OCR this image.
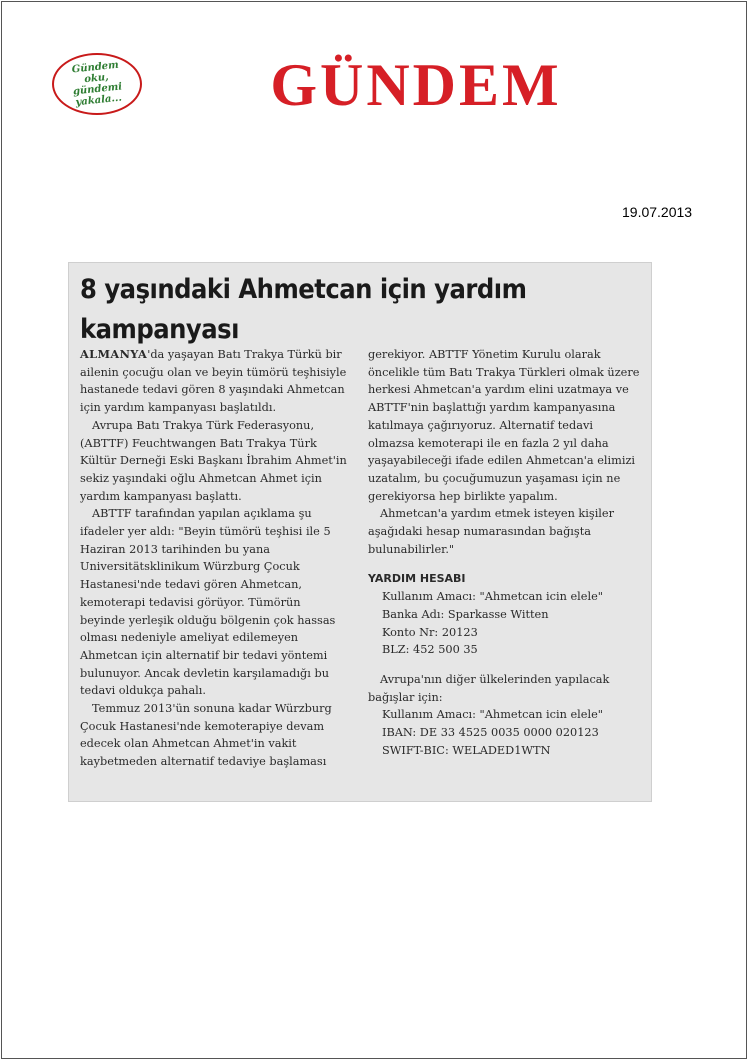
Gündem oku, gündemi yakala...	GÜNDEM
19.07.2013
8 yaşındaki Ahmetcan için yardım kampanyası

ALMANYA'da yaşayan Batı Trakya Türkü bir ailenin çocuğu olan ve beyin tümörü teşhisiyle hastanede tedavi gören 8 yaşındaki Ahmetcan için yardım kampanyası başlatıldı.

Avrupa Batı Trakya Türk Federasyonu, (ABTTF) Feuchtwangen Batı Trakya Türk Kültür Derneği Eski Başkanı İbrahim Ahmet'in sekiz yaşındaki oğlu Ahmetcan Ahmet için yardım kampanyası başlattı.

ABTTF tarafından yapılan açıklama şu ifadeler yer aldı: "Beyin tümörü teşhisi ile 5 Haziran 2013 tarihinden bu yana Universitätsklinikum Würzburg Çocuk Hastanesi'nde tedavi gören Ahmetcan, kemoterapi tedavisi görüyor. Tümörün beyinde yerleşik olduğu bölgenin çok hassas olması nedeniyle ameliyat edilemeyen Ahmetcan için alternatif bir tedavi yöntemi bulunuyor. Ancak devletin karşılamadığı bu tedavi oldukça pahalı.

Temmuz 2013'ün sonuna kadar Würzburg Çocuk Hastanesi'nde kemoterapiye devam edecek olan Ahmetcan Ahmet'in vakit kaybetmeden alternatif tedaviye başlaması

gerekiyor. ABTTF Yönetim Kurulu olarak öncelikle tüm Batı Trakya Türkleri olmak üzere herkesi Ahmetcan'a yardım elini uzatmaya ve ABTTF'nin başlattığı yardım kampanyasına katılmaya çağırıyoruz. Alternatif tedavi olmazsa kemoterapi ile en fazla 2 yıl daha yaşayabileceği ifade edilen Ahmetcan'a elimizi uzatalım, bu çocuğumuzun yaşaması için ne gerekiyorsa hep birlikte yapalım.

Ahmetcan'a yardım etmek isteyen kişiler aşağıdaki hesap numarasından bağışta bulunabilirler."

YARDIM HESABI

Kullanım Amacı: "Ahmetcan icin elele"
Banka Adı: Sparkasse Witten
Konto Nr: 20123
BLZ: 452 500 35

Avrupa'nın diğer ülkelerinden yapılacak bağışlar için:

Kullanım Amacı: "Ahmetcan icin elele"
IBAN: DE 33 4525 0035 0000 020123
SWIFT-BIC: WELADED1WTN
